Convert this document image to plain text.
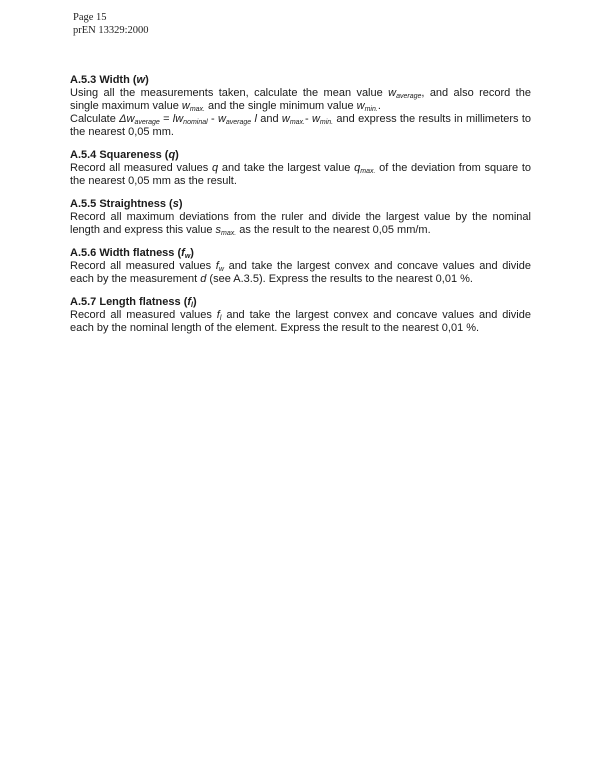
Page 15
prEN 13329:2000
A.5.3 Width (w)

Using all the measurements taken, calculate the mean value $w_{average}$, and also record the single maximum value $w_{max.}$ and the single minimum value $w_{min.}$.

Calculate $\Delta w_{average} = lw_{nominal} - w_{average}$ l and $w_{max.}-$ $w_{min.}$ and express the results in millimeters to the nearest 0,05 mm.

A.5.4 Squareness (q)

Record all measured values q and take the largest value $q_{max.}$ of the deviation from square to the nearest 0,05 mm as the result.

A.5.5 Straightness (s)

Record all maximum deviations from the ruler and divide the largest value by the nominal length and express this value $s_{max.}$ as the result to the nearest 0,05 mm/m.

A.5.6 Width flatness $(f_w)$

Record all measured values $f_w$ and take the largest convex and concave values and divide each by the measurement d (see A.3.5). Express the results to the nearest 0,01 %.

A.5.7 Length flatness $(f_l)$

Record all measured values $f_l$ and take the largest convex and concave values and divide each by the nominal length of the element. Express the result to the nearest 0,01 %.
